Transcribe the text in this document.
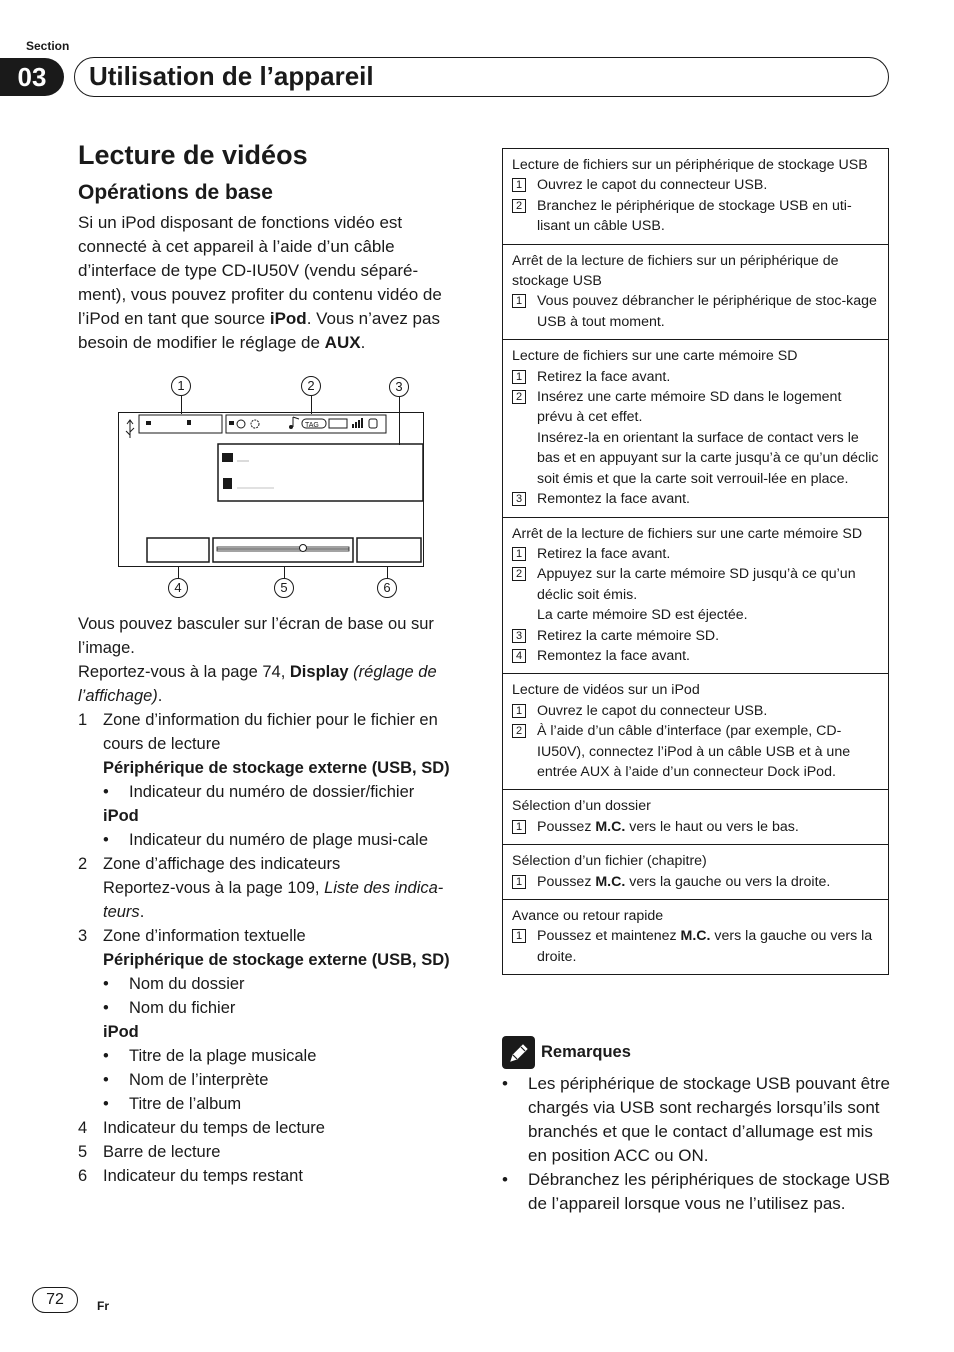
Section
03	Utilisation de l’appareil
Lecture de vidéos
Opérations de base

Si un iPod disposant de fonctions vidéo est connecté à cet appareil à l’aide d’un câble d’interface de type CD-IU50V (vendu séparé-ment), vous pouvez profiter du contenu vidéo de l’iPod en tant que source iPod. Vous n’avez pas besoin de modifier le réglage de AUX.

1	2	3
TAG
4	5	6
Vous pouvez basculer sur l’écran de base ou sur l’image.
Reportez-vous à la page 74, Display (réglage de l’affichage).
1 Zone d’information du fichier pour le fichier en cours de lecture
Périphérique de stockage externe (USB, SD)
•	Indicateur du numéro de dossier/fichier
iPod
•	Indicateur du numéro de plage musi-cale
2 Zone d’affichage des indicateurs
Reportez-vous à la page 109, Liste des indica-teurs.
3 Zone d’information textuelle
Périphérique de stockage externe (USB, SD)
•	Nom du dossier
•	Nom du fichier
iPod
•	Titre de la plage musicale
•	Nom de l’interprète
•	Titre de l’album
4 Indicateur du temps de lecture
5 Barre de lecture
6 Indicateur du temps restant
Lecture de fichiers sur un périphérique de stockage USB
1 Ouvrez le capot du connecteur USB.
2 Branchez le périphérique de stockage USB en uti-lisant un câble USB.
Arrêt de la lecture de fichiers sur un périphérique de stockage USB
1 Vous pouvez débrancher le périphérique de stoc-kage USB à tout moment.
Lecture de fichiers sur une carte mémoire SD
1 Retirez la face avant.
2 Insérez une carte mémoire SD dans le logement prévu à cet effet.
Insérez-la en orientant la surface de contact vers le bas et en appuyant sur la carte jusqu’à ce qu’un déclic soit émis et que la carte soit verrouil-lée en place.
3 Remontez la face avant.
Arrêt de la lecture de fichiers sur une carte mémoire SD
1 Retirez la face avant.
2 Appuyez sur la carte mémoire SD jusqu’à ce qu’un déclic soit émis.
La carte mémoire SD est éjectée.
3 Retirez la carte mémoire SD.
4 Remontez la face avant.
Lecture de vidéos sur un iPod
1 Ouvrez le capot du connecteur USB.
2 À l’aide d’un câble d’interface (par exemple, CD-IU50V), connectez l’iPod à un câble USB et à une entrée AUX à l’aide d’un connecteur Dock iPod.
Sélection d’un dossier
1 Poussez M.C. vers le haut ou vers le bas.
Sélection d’un fichier (chapitre)
1 Poussez M.C. vers la gauche ou vers la droite.
Avance ou retour rapide
1 Poussez et maintenez M.C. vers la gauche ou vers la droite.
Remarques
•	Les périphérique de stockage USB pouvant être chargés via USB sont rechargés lorsqu’ils sont branchés et que le contact d’allumage est mis en position ACC ou ON.
•	Débranchez les périphériques de stockage USB de l’appareil lorsque vous ne l’utilisez pas.
72	Fr
